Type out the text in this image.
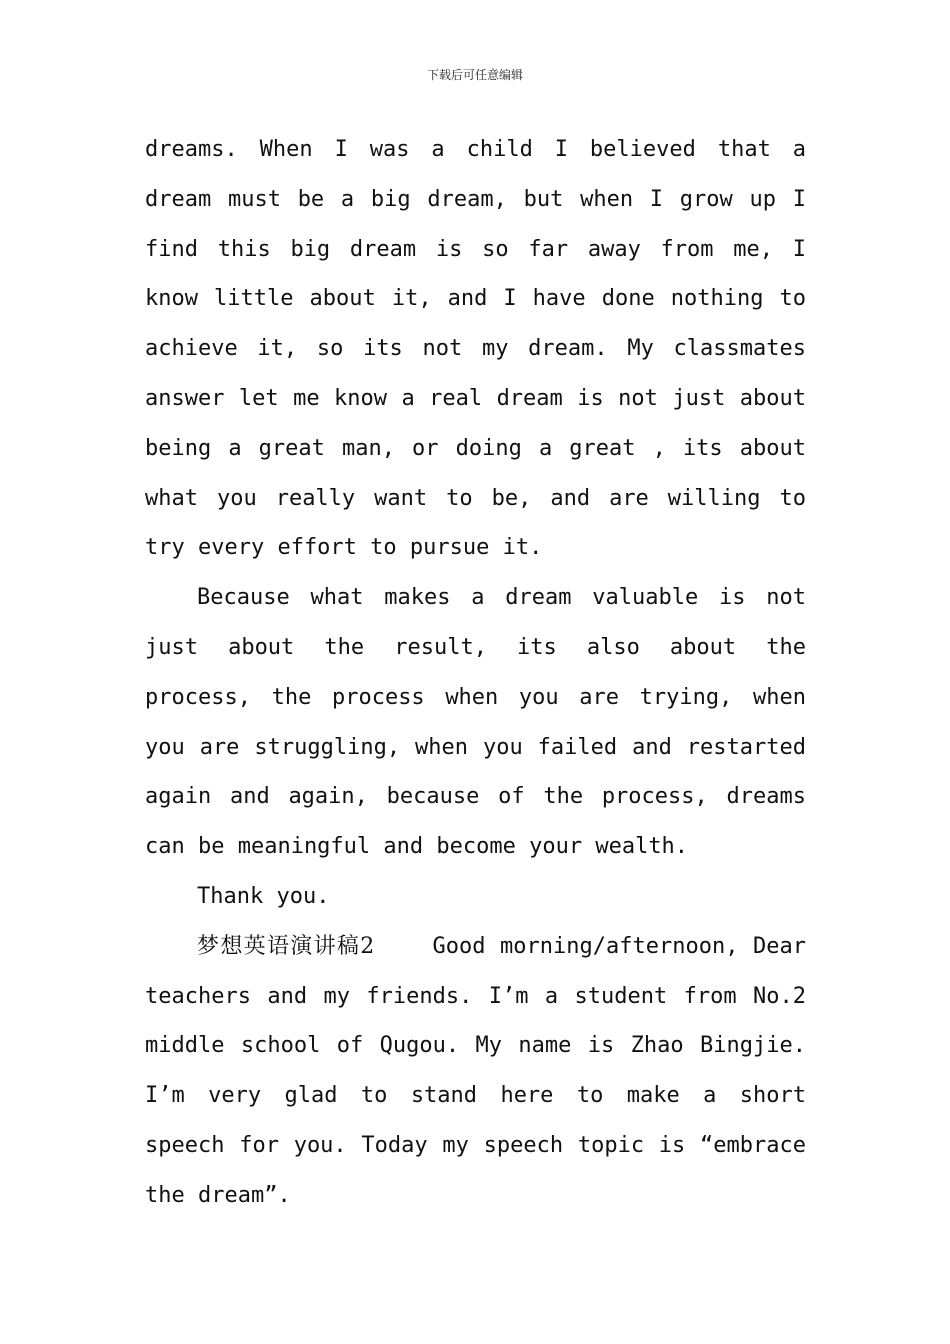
下载后可任意编辑

dreams. When I was a child I believed that a dream must be a big dream, but when I grow up I find this big dream is so far away from me, I know little about it, and I have done nothing to achieve it, so its not my dream. My classmates answer let me know a real dream is not just about being a great man, or doing a great , its about what you really want to be, and are willing to try every effort to pursue it.

Because what makes a dream valuable is not just about the result, its also about the process, the process when you are trying, when you are struggling, when you failed and restarted again and again, because of the process, dreams can be meaningful and become your wealth.

Thank you.

梦想英语演讲稿2    Good morning/afternoon, Dear teachers and my friends. I’m a student from No.2 middle school of Qugou. My name is Zhao Bingjie. I’m very glad to stand here to make a short speech for you. Today my speech topic is “embrace the dream”.
